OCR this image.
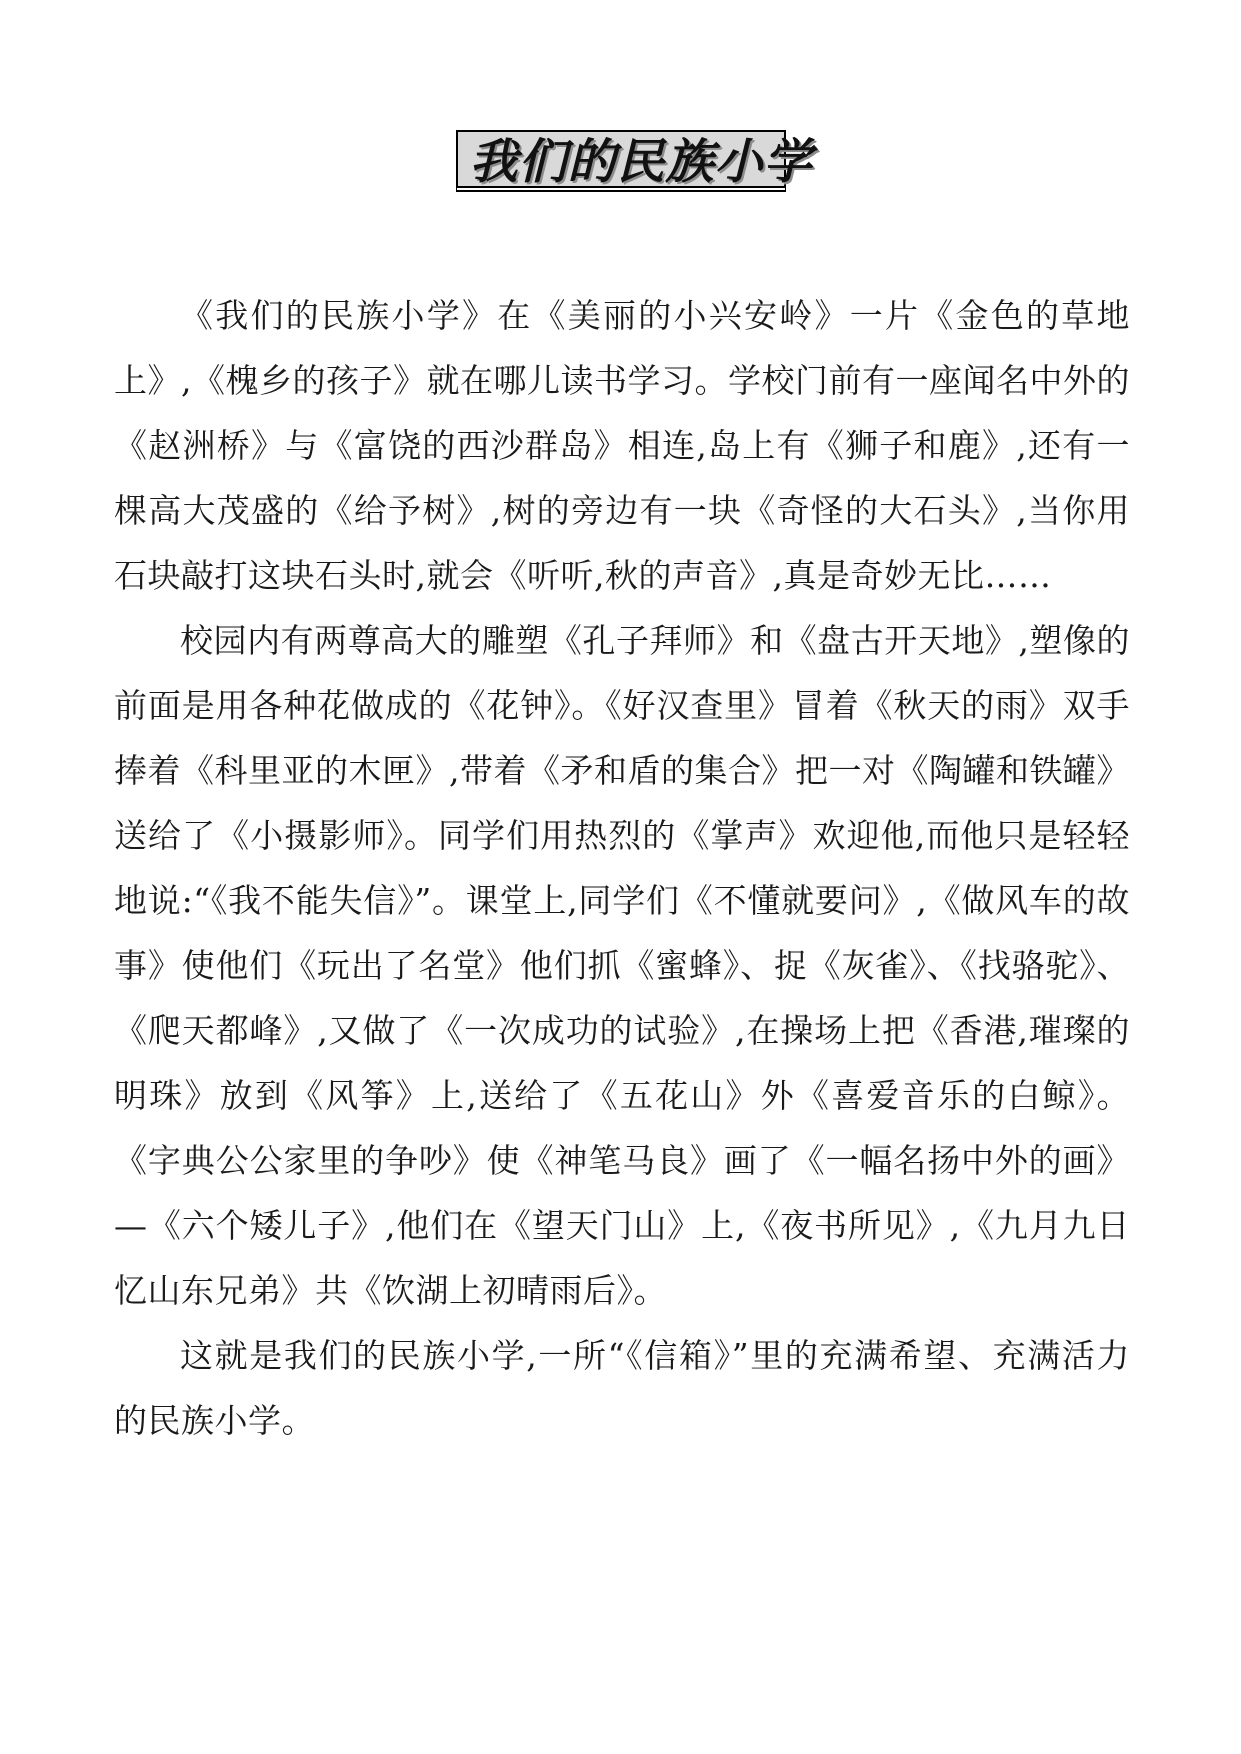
我们的民族小学

《我们的民族小学》在《美丽的小兴安岭》一片《金色的草地上》,《槐乡的孩子》就在哪儿读书学习。学校门前有一座闻名中外的《赵洲桥》与《富饶的西沙群岛》相连,岛上有《狮子和鹿》,还有一棵高大茂盛的《给予树》,树的旁边有一块《奇怪的大石头》,当你用石块敲打这块石头时,就会《听听,秋的声音》,真是奇妙无比……

校园内有两尊高大的雕塑《孔子拜师》和《盘古开天地》,塑像的前面是用各种花做成的《花钟》。《好汉查里》冒着《秋天的雨》双手捧着《科里亚的木匣》,带着《矛和盾的集合》把一对《陶罐和铁罐》送给了《小摄影师》。同学们用热烈的《掌声》欢迎他,而他只是轻轻地说:“《我不能失信》”。课堂上,同学们《不懂就要问》,《做风车的故事》使他们《玩出了名堂》他们抓《蜜蜂》、捉《灰雀》、《找骆驼》、《爬天都峰》,又做了《一次成功的试验》,在操场上把《香港,璀璨的明珠》放到《风筝》上,送给了《五花山》外《喜爱音乐的白鲸》。《字典公公家里的争吵》使《神笔马良》画了《一幅名扬中外的画》—《六个矮儿子》,他们在《望天门山》上,《夜书所见》,《九月九日忆山东兄弟》共《饮湖上初晴雨后》。

这就是我们的民族小学,一所“《信箱》”里的充满希望、充满活力的民族小学。
